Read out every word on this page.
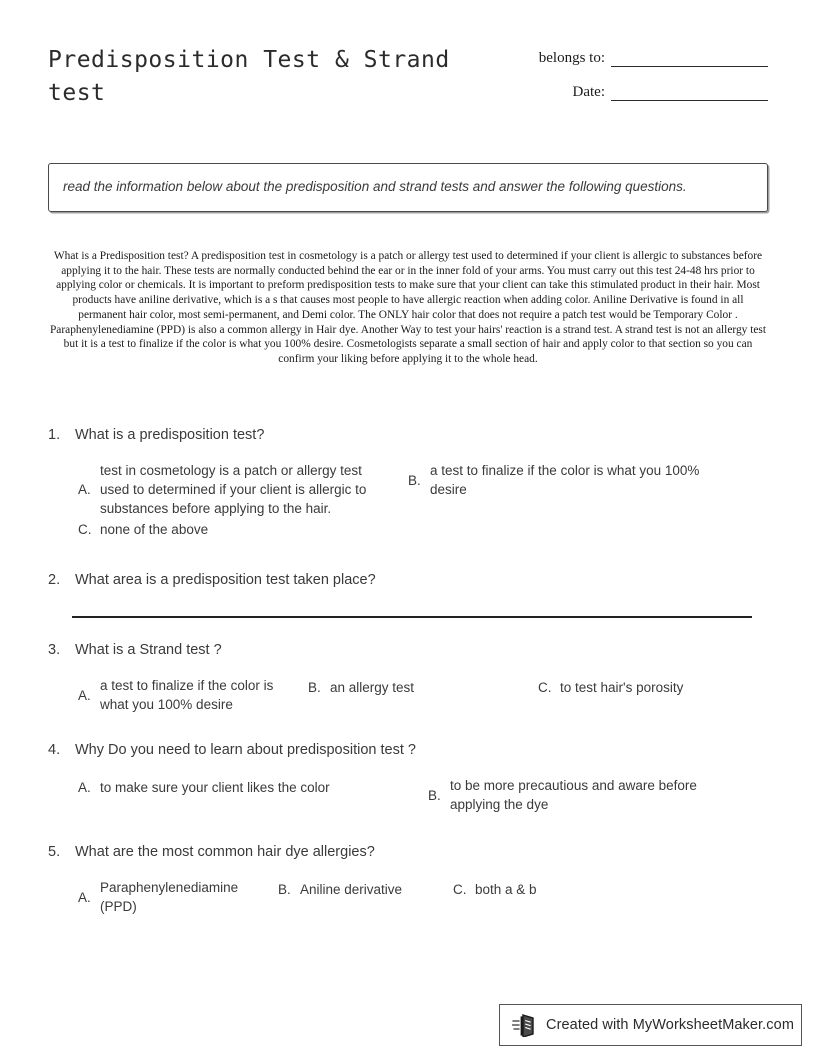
Predisposition Test & Strand test
belongs to:
Date:
read the information below about the predisposition and strand tests and answer the following questions.
What is a Predisposition test? A predisposition test in cosmetology is a patch or allergy test used to determined if your client is allergic to substances before applying it to the hair. These tests are normally conducted behind the ear or in the inner fold of your arms. You must carry out this test 24-48 hrs prior to applying color or chemicals. It is important to preform predisposition tests to make sure that your client can take this stimulated product in their hair. Most products have aniline derivative, which is a s that causes most people to have allergic reaction when adding color. Aniline Derivative is found in all permanent hair color, most semi-permanent, and Demi color. The ONLY hair color that does not require a patch test would be Temporary Color . Paraphenylenediamine (PPD) is also a common allergy in Hair dye. Another Way to test your hairs' reaction is a strand test. A strand test is not an allergy test but it is a test to finalize if the color is what you 100% desire. Cosmetologists separate a small section of hair and apply color to that section so you can confirm your liking before applying it to the whole head.
1.	What is a predisposition test?
A.
test in cosmetology is a patch or allergy test used to determined if your client is allergic to substances before applying to the hair.
B.
a test to finalize if the color is what you 100% desire
C. none of the above
2.	What area is a predisposition test taken place?
3.	What is a Strand test ?
A.
a test to finalize if the color is what you 100% desire
B. an allergy test	C. to test hair's porosity
4.	Why Do you need to learn about predisposition test ?
A. to make sure your client likes the color
B.
to be more precautious and aware before applying the dye
5.	What are the most common hair dye allergies?
A.
Paraphenylenediamine (PPD)
B. Aniline derivative	C. both a & b
Created with MyWorksheetMaker.com
